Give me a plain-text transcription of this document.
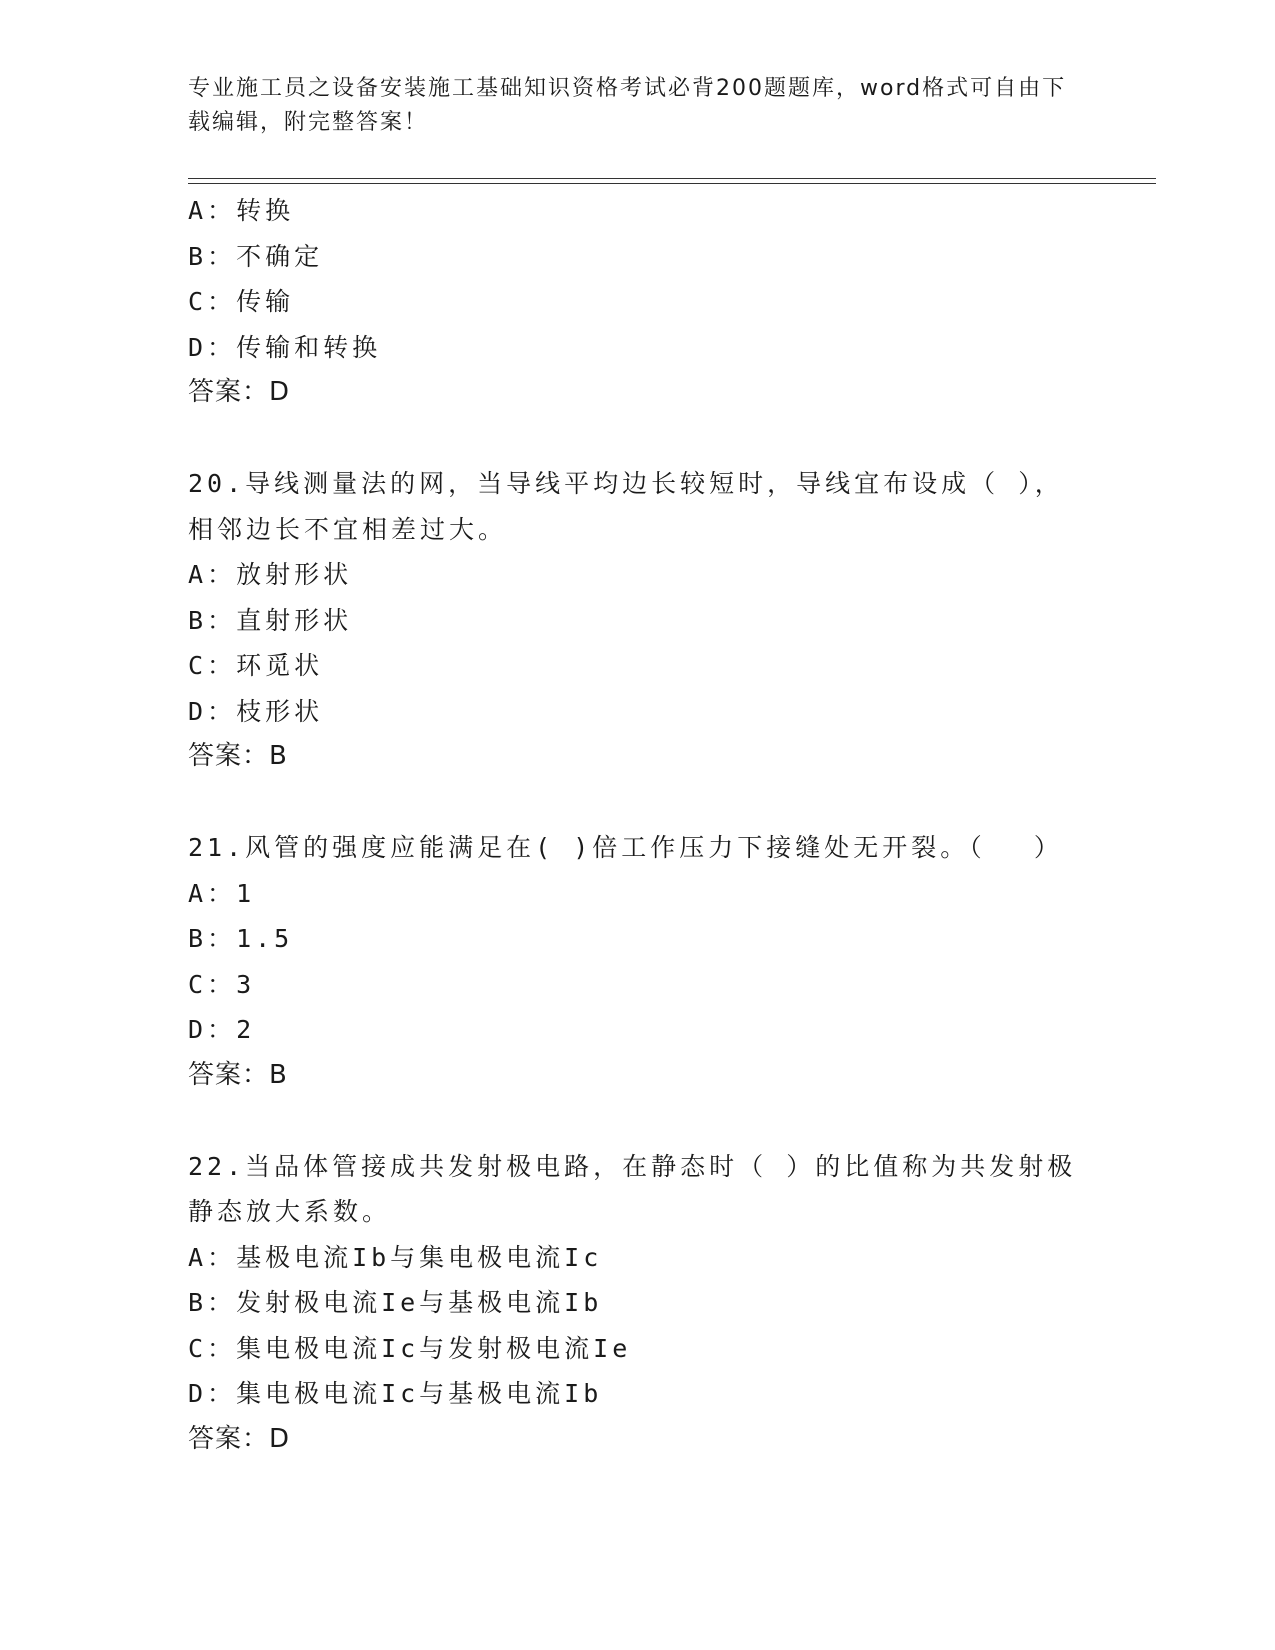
专业施工员之设备安装施工基础知识资格考试必背200题题库，word格式可自由下载编辑，附完整答案！
A：转换
B：不确定
C：传输
D：传输和转换
答案：D
20.导线测量法的网，当导线平均边长较短时，导线宜布设成（ ），
相邻边长不宜相差过大。
A：放射形状
B：直射形状
C：环觅状
D：枝形状
答案：B
21.风管的强度应能满足在( )倍工作压力下接缝处无开裂。（　 ）
A：1
B：1.5
C：3
D：2
答案：B
22.当品体管接成共发射极电路，在静态时（ ）的比值称为共发射极
静态放大系数。
A：基极电流Ib与集电极电流Ic
B：发射极电流Ie与基极电流Ib
C：集电极电流Ic与发射极电流Ie
D：集电极电流Ic与基极电流Ib
答案：D
